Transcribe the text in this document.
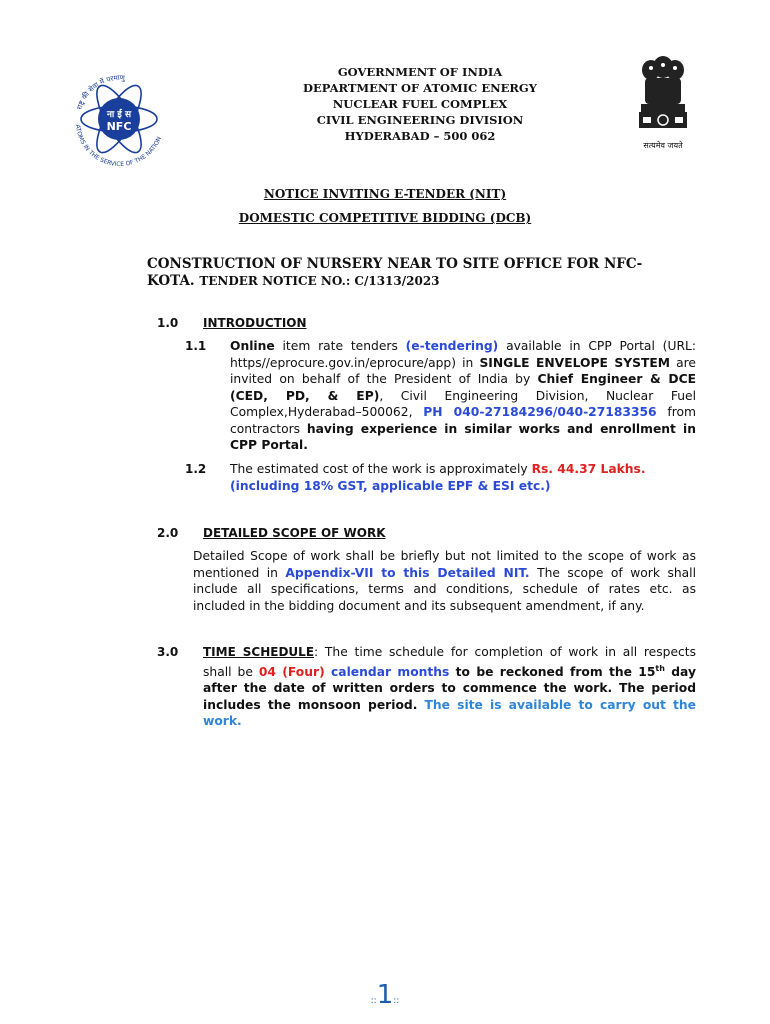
ना ई स
NFC
राष्ट्र की सेवा में परमाणु
ATOMS IN THE SERVICE OF THE NATION
GOVERNMENT OF INDIA
DEPARTMENT OF ATOMIC ENERGY
NUCLEAR FUEL COMPLEX
CIVIL ENGINEERING DIVISION
HYDERABAD – 500 062
सत्यमेव जयते
NOTICE INVITING E-TENDER (NIT)
DOMESTIC COMPETITIVE BIDDING (DCB)
CONSTRUCTION OF NURSERY NEAR TO SITE OFFICE FOR NFC-KOTA. TENDER NOTICE NO.: C/1313/2023
1.0 INTRODUCTION
1.1 Online item rate tenders (e-tendering) available in CPP Portal (URL: https//eprocure.gov.in/eprocure/app) in SINGLE ENVELOPE SYSTEM are invited on behalf of the President of India by Chief Engineer & DCE (CED, PD, & EP), Civil Engineering Division, Nuclear Fuel Complex,Hyderabad–500062, PH 040-27184296/040-27183356 from contractors having experience in similar works and enrollment in CPP Portal.
1.2 The estimated cost of the work is approximately Rs. 44.37 Lakhs.
(including 18% GST, applicable EPF & ESI etc.)
2.0 DETAILED SCOPE OF WORK
Detailed Scope of work shall be briefly but not limited to the scope of work as mentioned in Appendix-VII to this Detailed NIT. The scope of work shall include all specifications, terms and conditions, schedule of rates etc. as included in the bidding document and its subsequent amendment, if any.
3.0 TIME SCHEDULE: The time schedule for completion of work in all respects shall be 04 (Four) calendar months to be reckoned from the 15th day after the date of written orders to commence the work. The period includes the monsoon period. The site is available to carry out the work.
::1::
